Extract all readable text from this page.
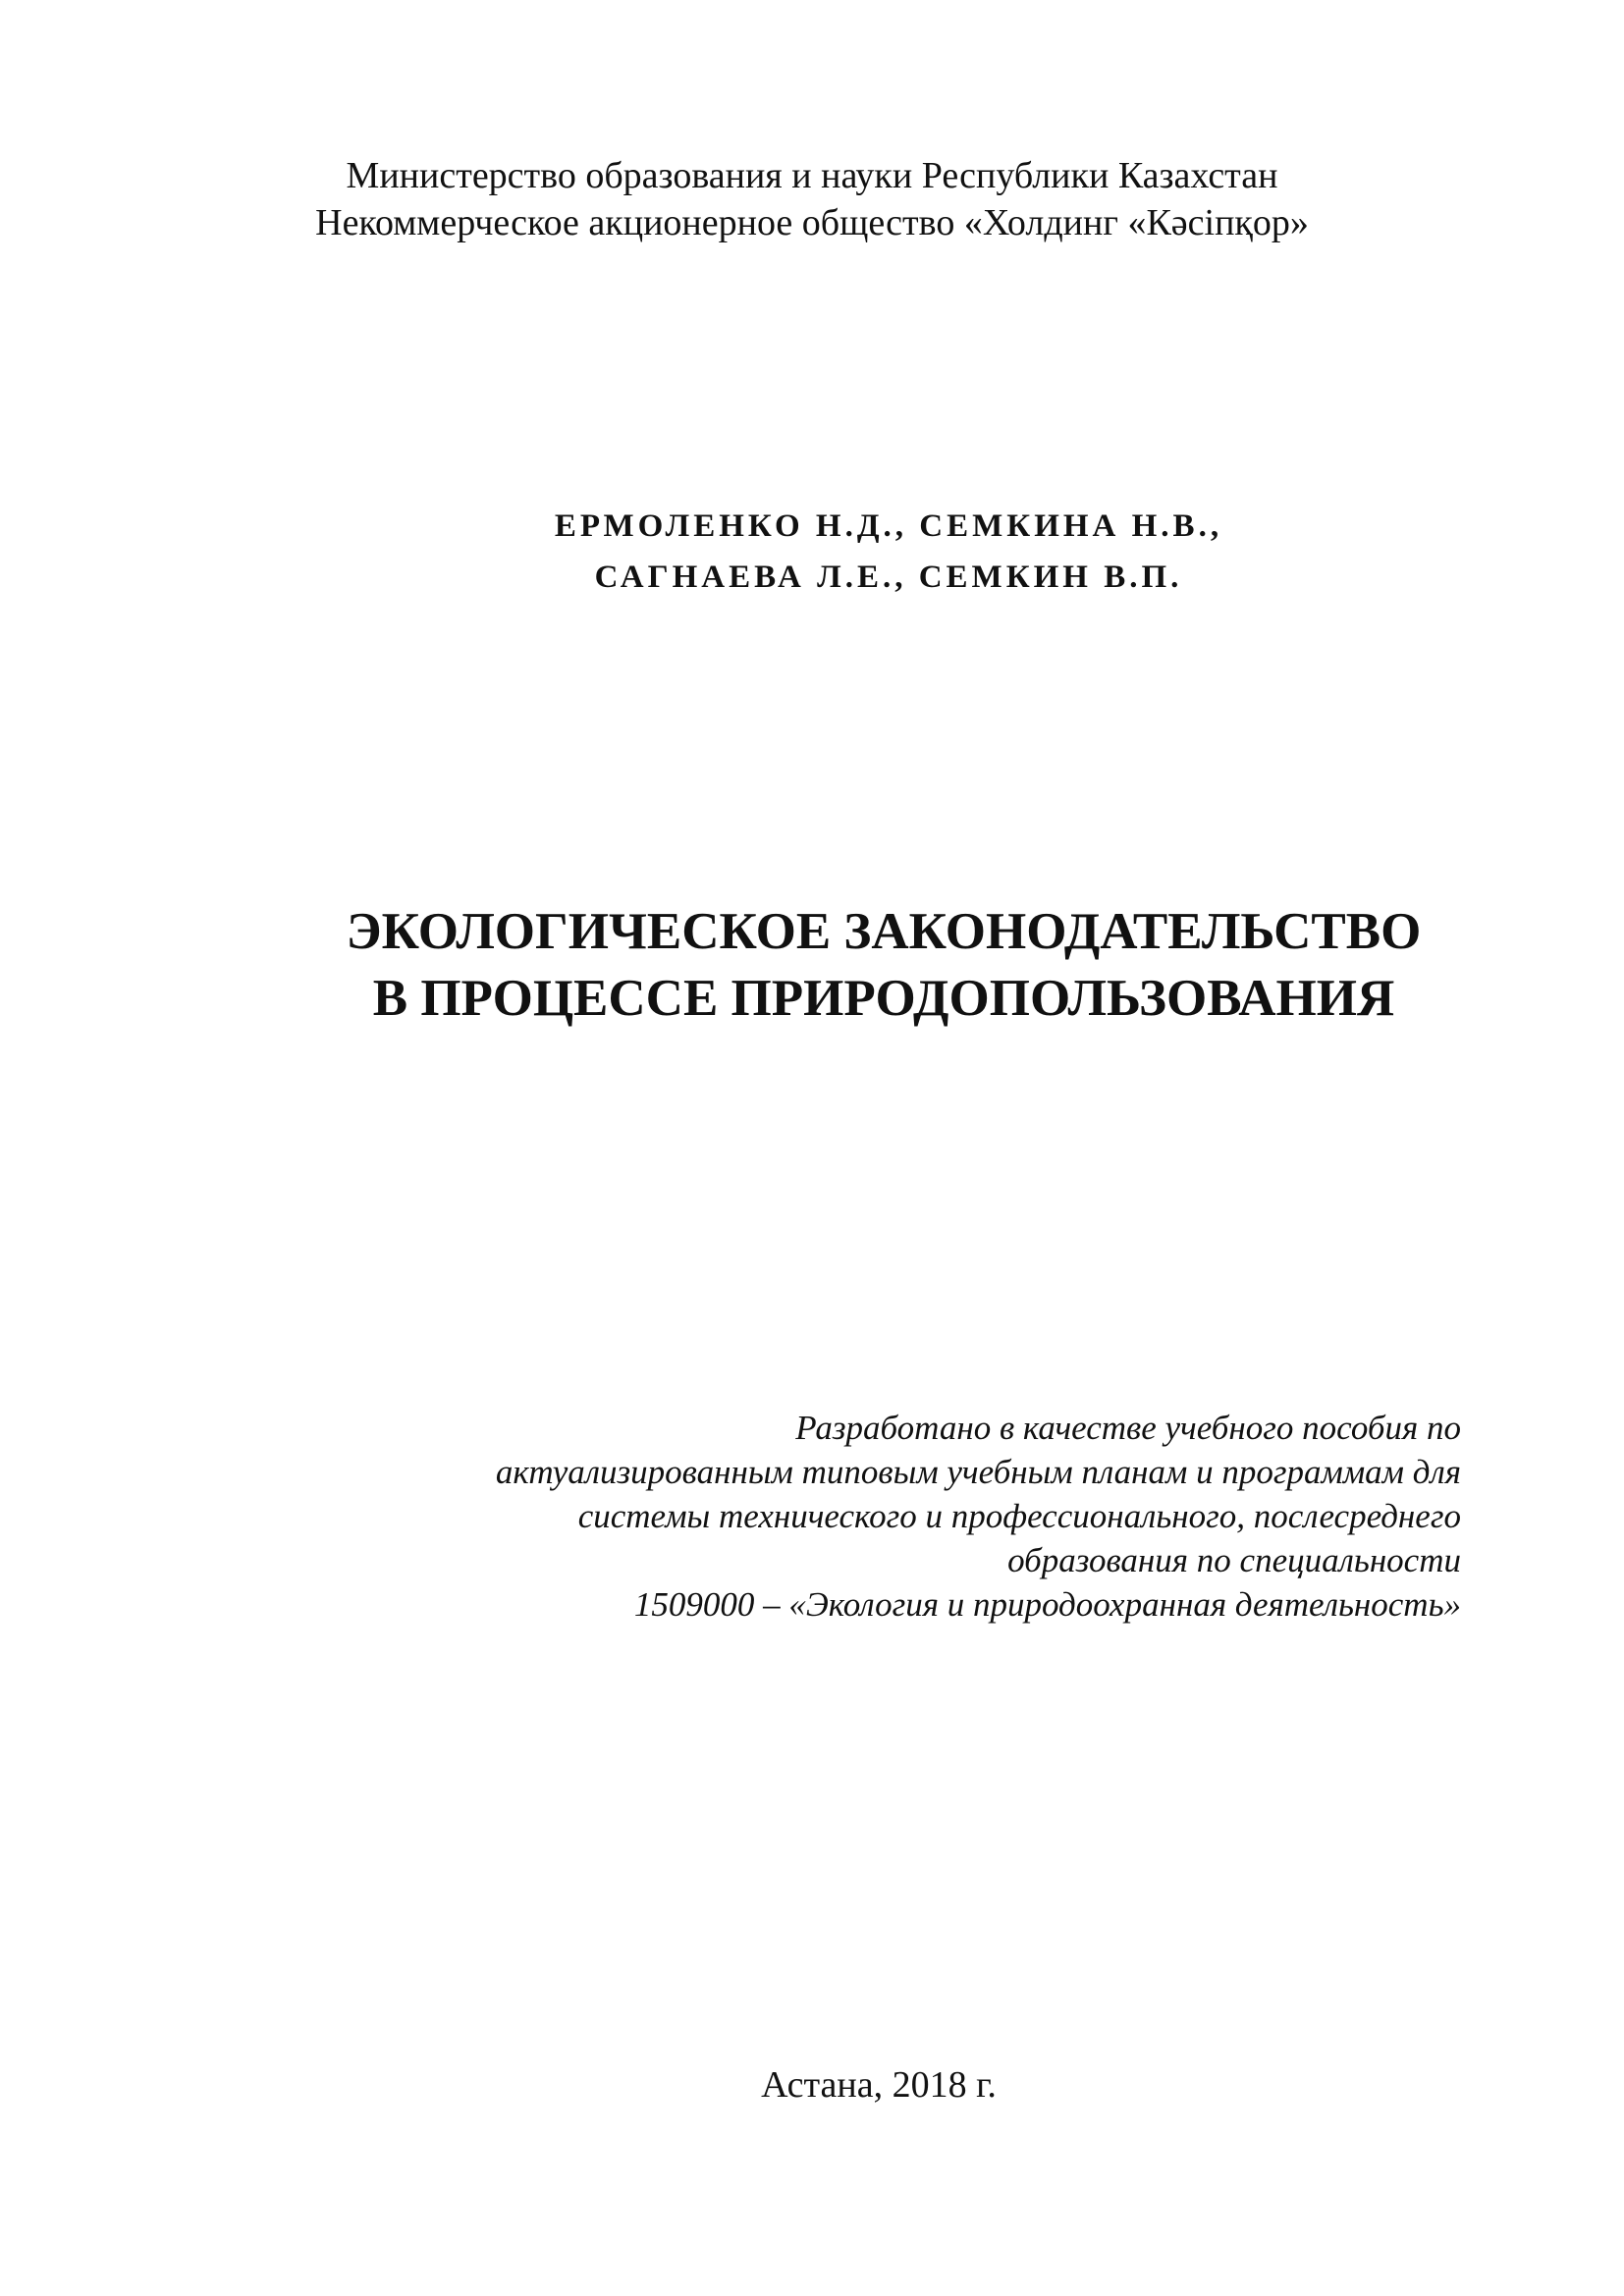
Министерство образования и науки Республики Казахстан
Некоммерческое акционерное общество «Холдинг «Кәсіпқор»
ЕРМОЛЕНКО Н.Д., СЕМКИНА Н.В.,
САГНАЕВА Л.Е., СЕМКИН В.П.
ЭКОЛОГИЧЕСКОЕ ЗАКОНОДАТЕЛЬСТВО
В ПРОЦЕССЕ ПРИРОДОПОЛЬЗОВАНИЯ
Разработано в качестве учебного пособия по
актуализированным типовым учебным планам и программам для
системы технического и профессионального, послесреднего
образования по специальности
1509000 – «Экология и природоохранная деятельность»
Астана, 2018 г.
